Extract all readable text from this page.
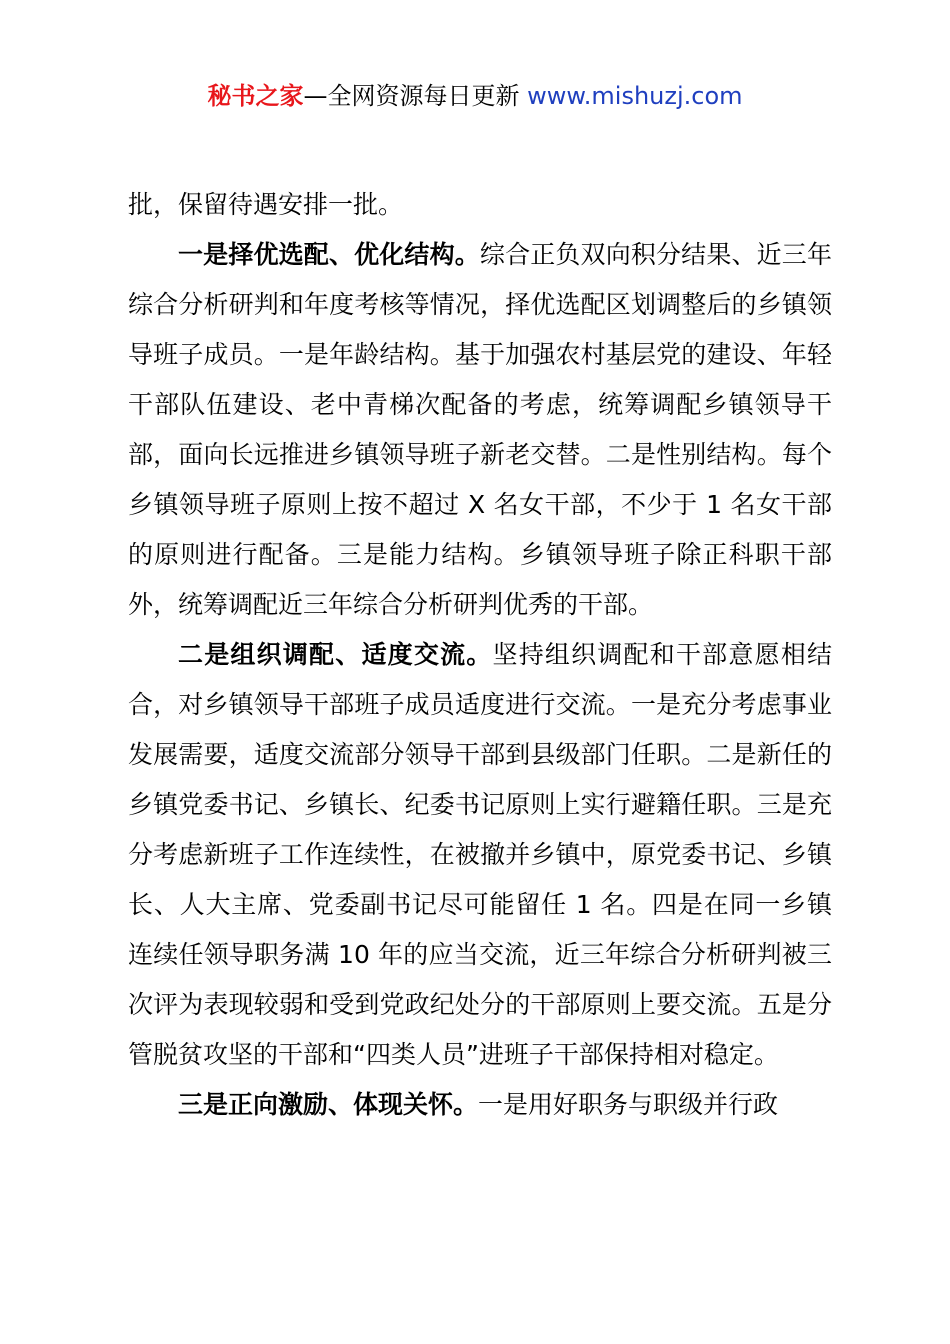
秘书之家—全网资源每日更新 www.mishuzj.com

批，保留待遇安排一批。

一是择优选配、优化结构。综合正负双向积分结果、近三年综合分析研判和年度考核等情况，择优选配区划调整后的乡镇领导班子成员。一是年龄结构。基于加强农村基层党的建设、年轻干部队伍建设、老中青梯次配备的考虑，统筹调配乡镇领导干部，面向长远推进乡镇领导班子新老交替。二是性别结构。每个乡镇领导班子原则上按不超过 X 名女干部，不少于 1 名女干部的原则进行配备。三是能力结构。乡镇领导班子除正科职干部外，统筹调配近三年综合分析研判优秀的干部。

二是组织调配、适度交流。坚持组织调配和干部意愿相结合，对乡镇领导干部班子成员适度进行交流。一是充分考虑事业发展需要，适度交流部分领导干部到县级部门任职。二是新任的乡镇党委书记、乡镇长、纪委书记原则上实行避籍任职。三是充分考虑新班子工作连续性，在被撤并乡镇中，原党委书记、乡镇长、人大主席、党委副书记尽可能留任 1 名。四是在同一乡镇连续任领导职务满 10 年的应当交流，近三年综合分析研判被三次评为表现较弱和受到党政纪处分的干部原则上要交流。五是分管脱贫攻坚的干部和“四类人员”进班子干部保持相对稳定。

三是正向激励、体现关怀。一是用好职务与职级并行政
